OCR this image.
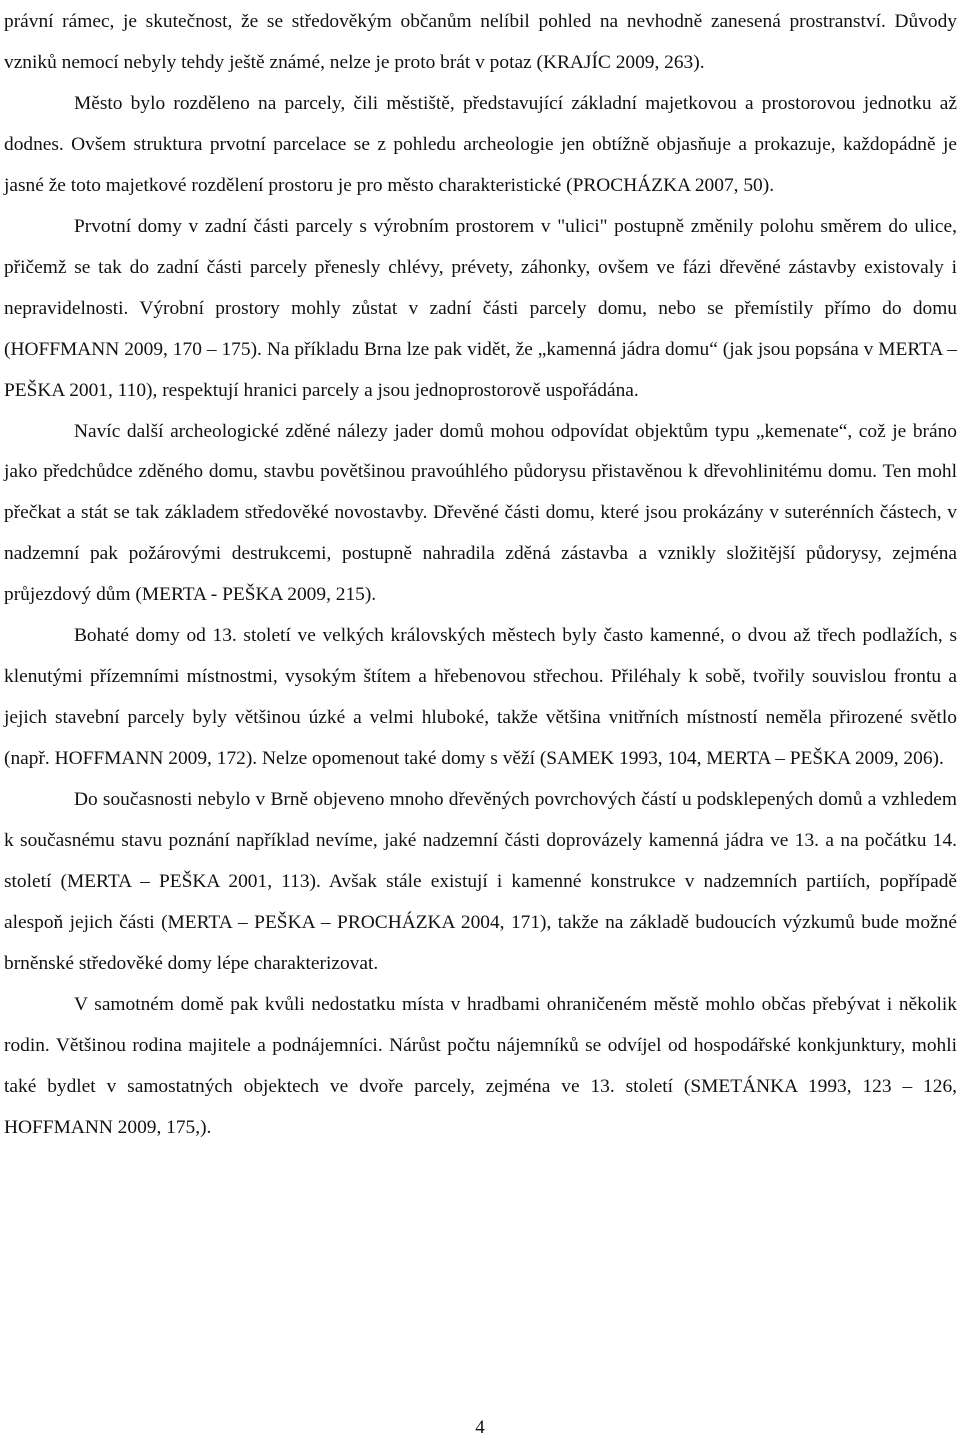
právní rámec, je skutečnost, že se středověkým občanům nelíbil pohled na nevhodně zanesená prostranství. Důvody vzniků nemocí nebyly tehdy ještě známé, nelze je proto brát v potaz (KRAJÍC 2009, 263).

Město bylo rozděleno na parcely, čili městiště, představující základní majetkovou a prostorovou jednotku až dodnes. Ovšem struktura prvotní parcelace se z pohledu archeologie jen obtížně objasňuje a prokazuje, každopádně je jasné že toto majetkové rozdělení prostoru je pro město charakteristické (PROCHÁZKA 2007, 50).

Prvotní domy v zadní části parcely s výrobním prostorem v "ulici" postupně změnily polohu směrem do ulice, přičemž se tak do zadní části parcely přenesly chlévy, prévety, záhonky, ovšem ve fázi dřevěné zástavby existovaly i nepravidelnosti. Výrobní prostory mohly zůstat v zadní části parcely domu, nebo se přemístily přímo do domu (HOFFMANN 2009, 170 – 175). Na příkladu Brna lze pak vidět, že „kamenná jádra domu“ (jak jsou popsána v MERTA – PEŠKA 2001, 110), respektují hranici parcely a jsou jednoprostorově uspořádána.

Navíc další archeologické zděné nálezy jader domů mohou odpovídat objektům typu „kemenate“, což je bráno jako předchůdce zděného domu, stavbu povětšinou pravoúhlého půdorysu přistavěnou k dřevohlinitému domu. Ten mohl přečkat a stát se tak základem středověké novostavby. Dřevěné části domu, které jsou prokázány v suterénních částech, v nadzemní pak požárovými destrukcemi, postupně nahradila zděná zástavba a vznikly složitější půdorysy, zejména průjezdový dům (MERTA - PEŠKA 2009, 215).

Bohaté domy od 13. století ve velkých královských městech byly často kamenné, o dvou až třech podlažích, s klenutými přízemními místnostmi, vysokým štítem a hřebenovou střechou. Přiléhaly k sobě, tvořily souvislou frontu a jejich stavební parcely byly většinou úzké a velmi hluboké, takže většina vnitřních místností neměla přirozené světlo (např. HOFFMANN 2009, 172). Nelze opomenout také domy s věží (SAMEK 1993, 104, MERTA – PEŠKA 2009, 206).

Do současnosti nebylo v Brně objeveno mnoho dřevěných povrchových částí u podsklepených domů a vzhledem k současnému stavu poznání například nevíme, jaké nadzemní části doprovázely kamenná jádra ve 13. a na počátku 14. století (MERTA – PEŠKA 2001, 113). Avšak stále existují i kamenné konstrukce v nadzemních partiích, popřípadě alespoň jejich části (MERTA – PEŠKA – PROCHÁZKA 2004, 171), takže na základě budoucích výzkumů bude možné brněnské středověké domy lépe charakterizovat.

V samotném domě pak kvůli nedostatku místa v hradbami ohraničeném městě mohlo občas přebývat i několik rodin. Většinou rodina majitele a podnájemníci. Nárůst počtu nájemníků se odvíjel od hospodářské konkjunktury, mohli také bydlet v samostatných objektech ve dvoře parcely, zejména ve 13. století (SMETÁNKA 1993, 123 – 126, HOFFMANN 2009, 175,).

4
